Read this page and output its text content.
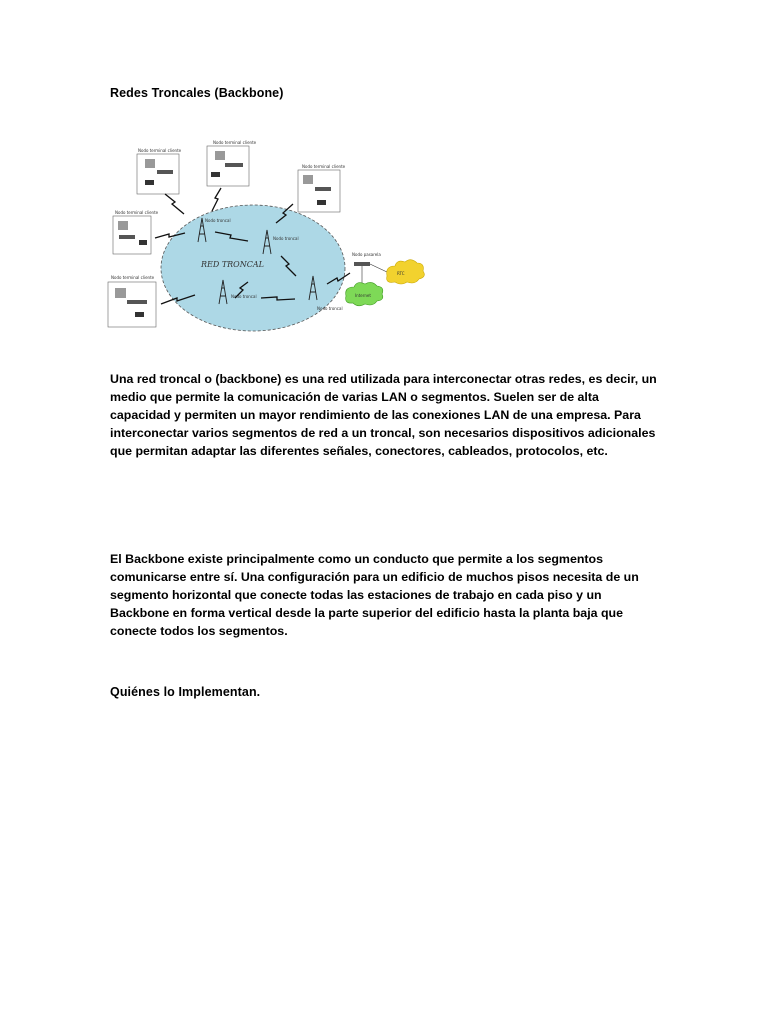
Redes Troncales (Backbone)
RED TRONCAL
Nodo terminal cliente
Nodo terminal cliente
Nodo terminal cliente
Nodo terminal cliente
Nodo terminal cliente
Nodo troncal
Nodo troncal
Nodo troncal
Nodo troncal
Nodo pasarela
RTC
Internet
Una red troncal o (backbone) es una red utilizada para interconectar otras redes, es decir, un medio que permite la comunicación de varias LAN o segmentos. Suelen ser de alta capacidad y permiten un mayor rendimiento de las conexiones LAN de una empresa. Para interconectar varios segmentos de red a un troncal, son necesarios dispositivos adicionales que permitan adaptar las diferentes señales, conectores, cableados, protocolos, etc.
El Backbone existe principalmente como un conducto que permite a los segmentos comunicarse entre sí. Una configuración para un edificio de muchos pisos necesita de un segmento horizontal que conecte todas las estaciones de trabajo en cada piso y un Backbone en forma vertical desde la parte superior del edificio hasta la planta baja que conecte todos los segmentos.
Quiénes lo Implementan.
